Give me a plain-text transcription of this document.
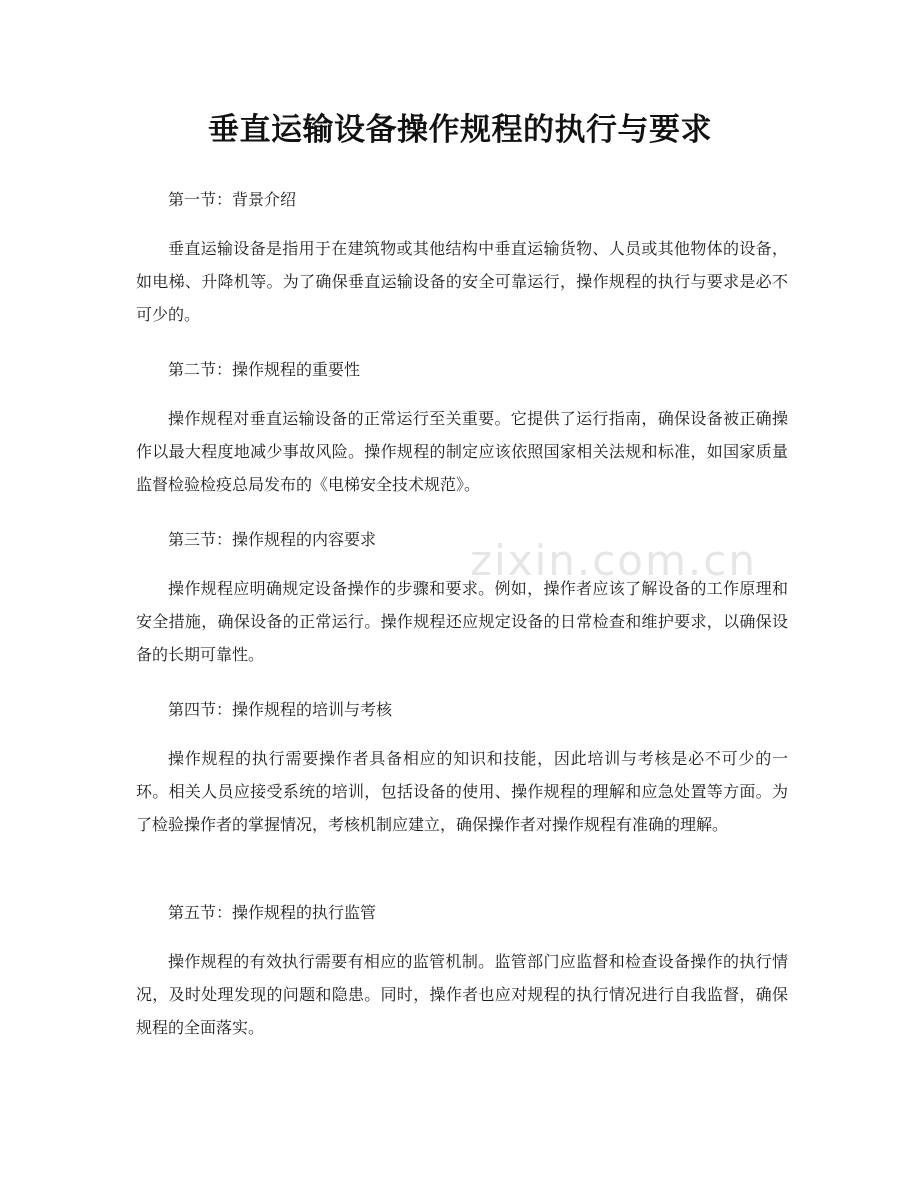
zixin.com.cn
垂直运输设备操作规程的执行与要求

第一节：背景介绍

垂直运输设备是指用于在建筑物或其他结构中垂直运输货物、人员或其他物体的设备，如电梯、升降机等。为了确保垂直运输设备的安全可靠运行，操作规程的执行与要求是必不可少的。

第二节：操作规程的重要性

操作规程对垂直运输设备的正常运行至关重要。它提供了运行指南，确保设备被正确操作以最大程度地减少事故风险。操作规程的制定应该依照国家相关法规和标准，如国家质量监督检验检疫总局发布的《电梯安全技术规范》。

第三节：操作规程的内容要求

操作规程应明确规定设备操作的步骤和要求。例如，操作者应该了解设备的工作原理和安全措施，确保设备的正常运行。操作规程还应规定设备的日常检查和维护要求，以确保设备的长期可靠性。

第四节：操作规程的培训与考核

操作规程的执行需要操作者具备相应的知识和技能，因此培训与考核是必不可少的一环。相关人员应接受系统的培训，包括设备的使用、操作规程的理解和应急处置等方面。为了检验操作者的掌握情况，考核机制应建立，确保操作者对操作规程有准确的理解。

第五节：操作规程的执行监管

操作规程的有效执行需要有相应的监管机制。监管部门应监督和检查设备操作的执行情况，及时处理发现的问题和隐患。同时，操作者也应对规程的执行情况进行自我监督，确保规程的全面落实。
